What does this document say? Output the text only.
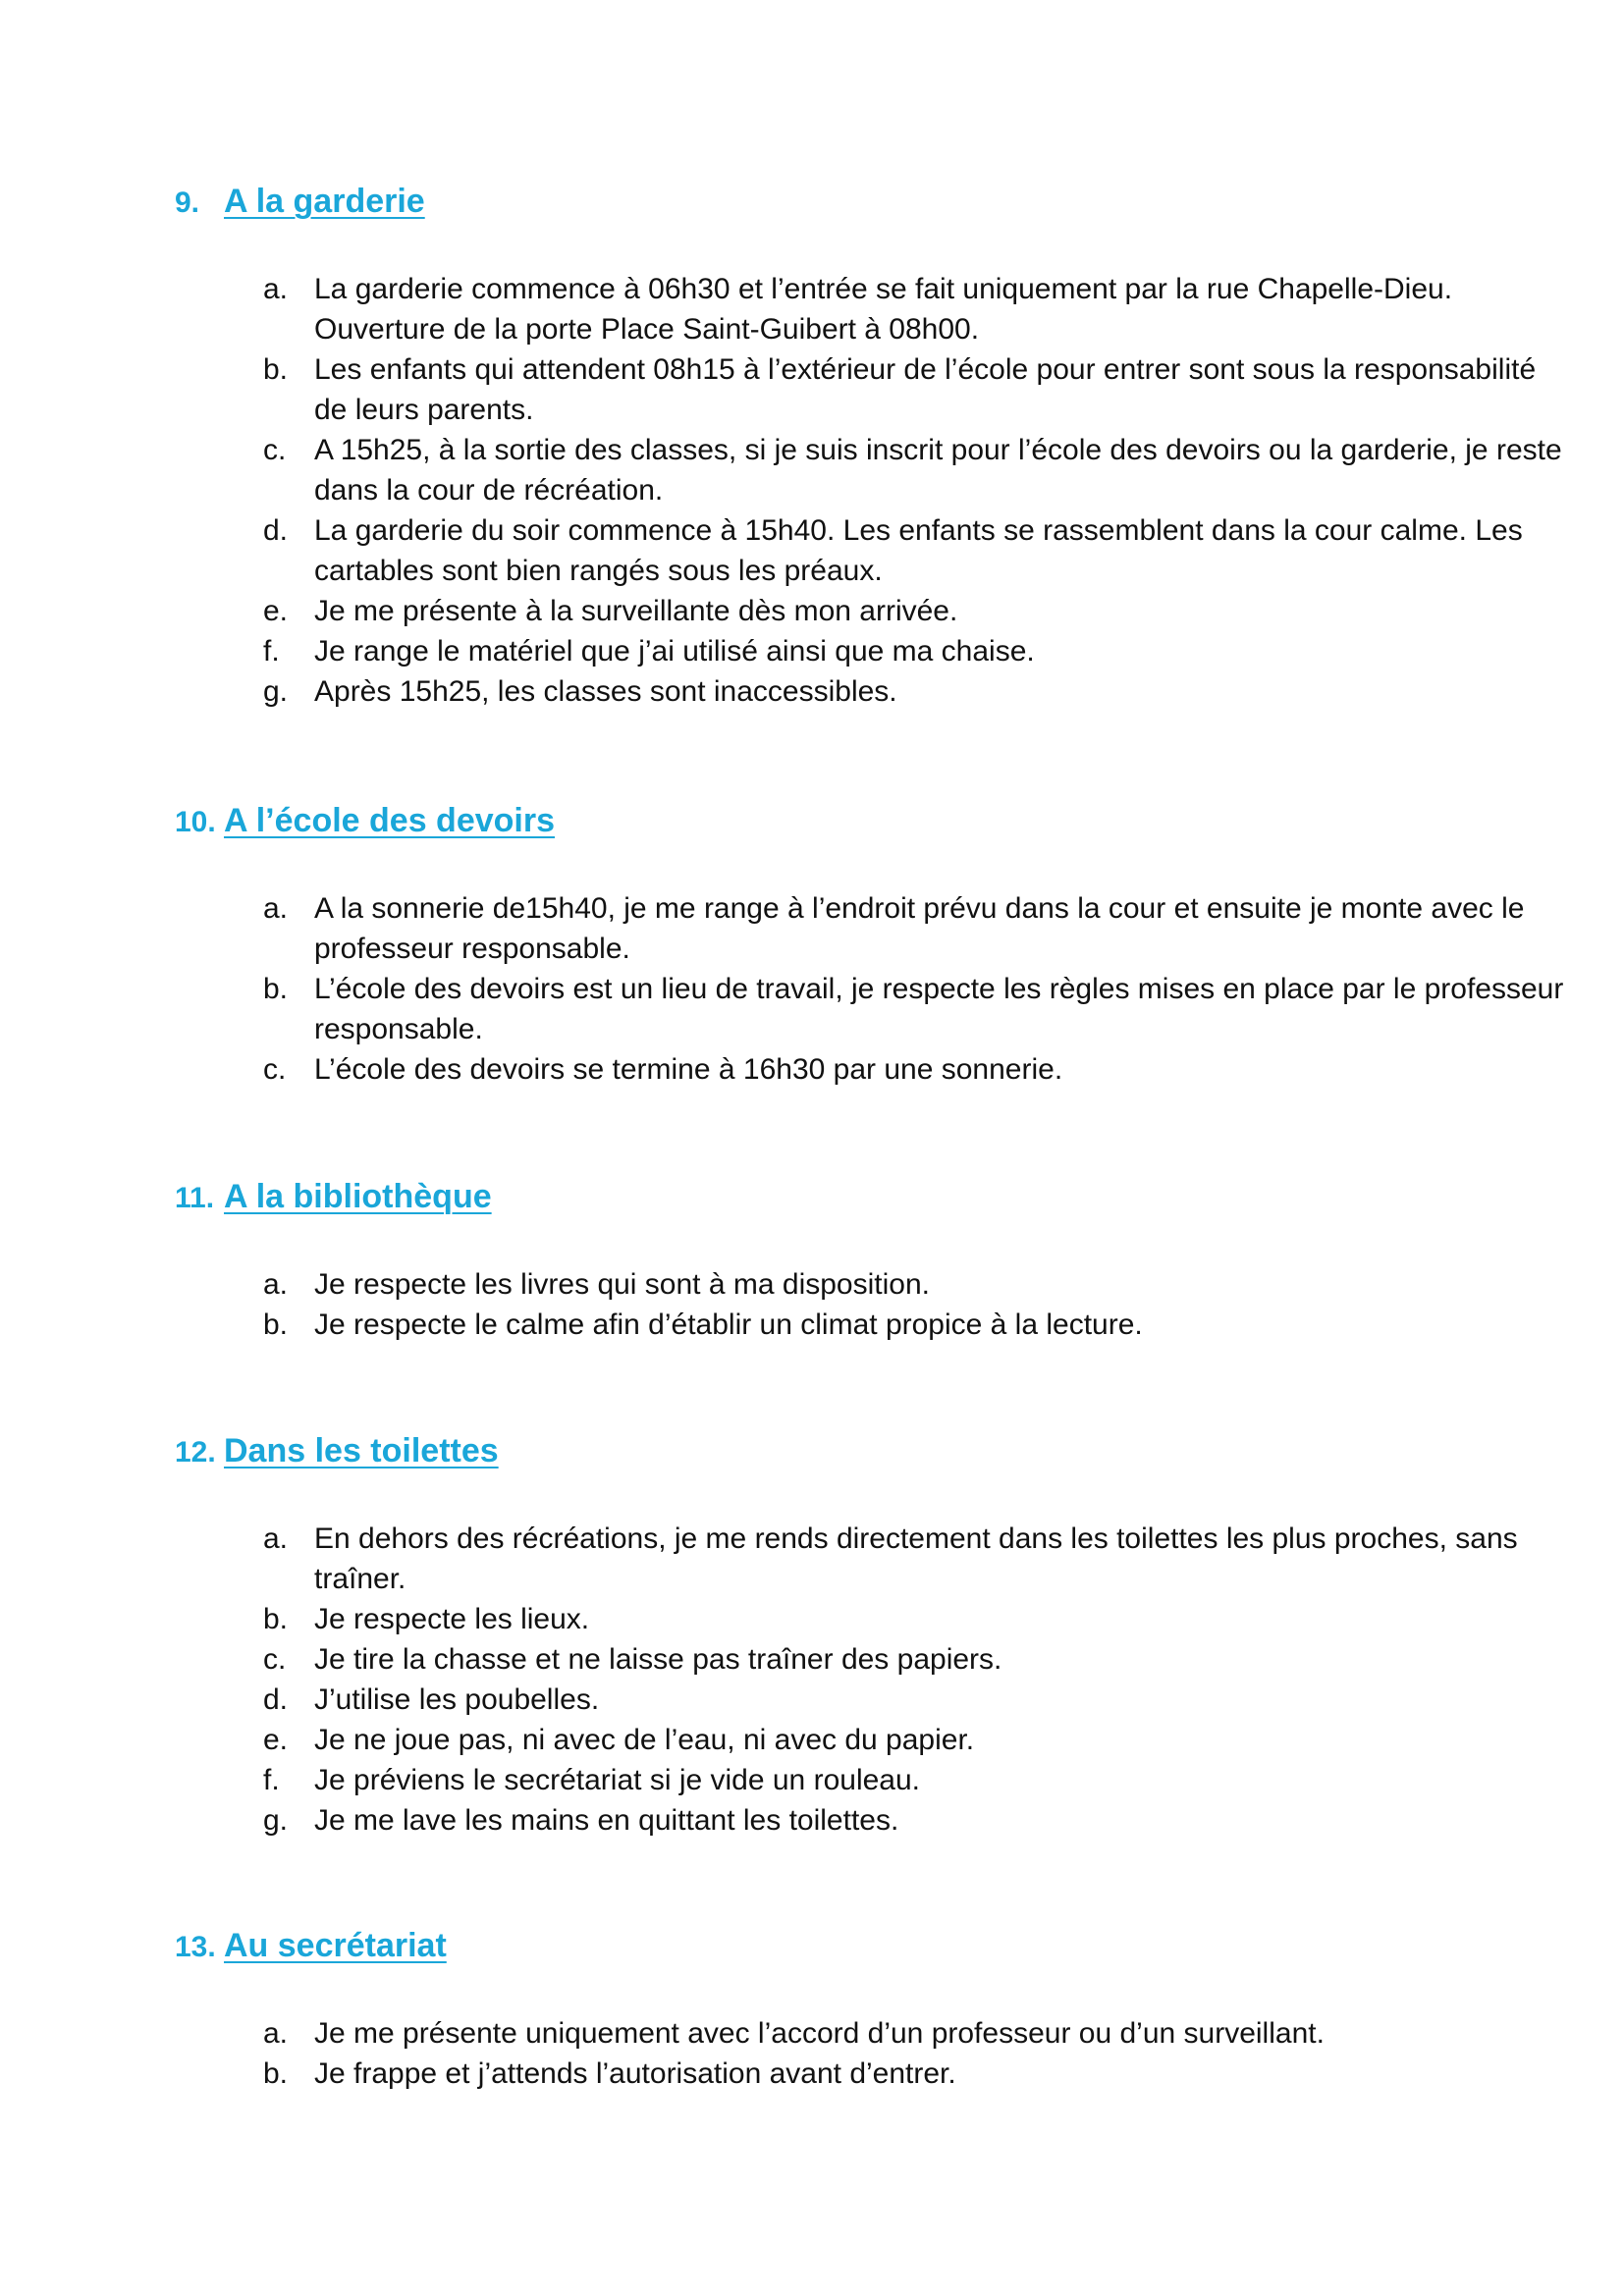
9. A la garderie
a. La garderie commence à 06h30 et l’entrée se fait uniquement par la rue Chapelle-Dieu. Ouverture de la porte Place Saint-Guibert à 08h00.
b. Les enfants qui attendent 08h15 à l’extérieur de l’école pour entrer sont sous la responsabilité de leurs parents.
c. A 15h25, à la sortie des classes, si je suis inscrit pour l’école des devoirs ou la garderie, je reste dans la cour de récréation.
d. La garderie du soir commence à 15h40. Les enfants se rassemblent dans la cour calme. Les cartables sont bien rangés sous les préaux.
e. Je me présente à la surveillante dès mon arrivée.
f.	Je range le matériel que j’ai utilisé ainsi que ma chaise.
g. Après 15h25, les classes sont inaccessibles.
10. A l’école des devoirs
a. A la sonnerie de15h40, je me range à l’endroit prévu dans la cour et ensuite je monte avec le professeur responsable.
b. L’école des devoirs est un lieu de travail, je respecte les règles mises en place par le professeur responsable.
c. L’école des devoirs se termine à 16h30 par une sonnerie.
11. A la bibliothèque
a. Je respecte les livres qui sont à ma disposition.
b. Je respecte le calme afin d’établir un climat propice à la lecture.
12. Dans les toilettes
a. En dehors des récréations, je me rends directement dans les toilettes les plus proches, sans traîner.
b. Je respecte les lieux.
c. Je tire la chasse et ne laisse pas traîner des papiers.
d. J’utilise les poubelles.
e. Je ne joue pas, ni avec de l’eau, ni avec du papier.
f.	Je préviens le secrétariat si je vide un rouleau.
g. Je me lave les mains en quittant les toilettes.
13. Au secrétariat
a. Je me présente uniquement avec l’accord d’un professeur ou d’un surveillant.
b. Je frappe et j’attends l’autorisation avant d’entrer.
